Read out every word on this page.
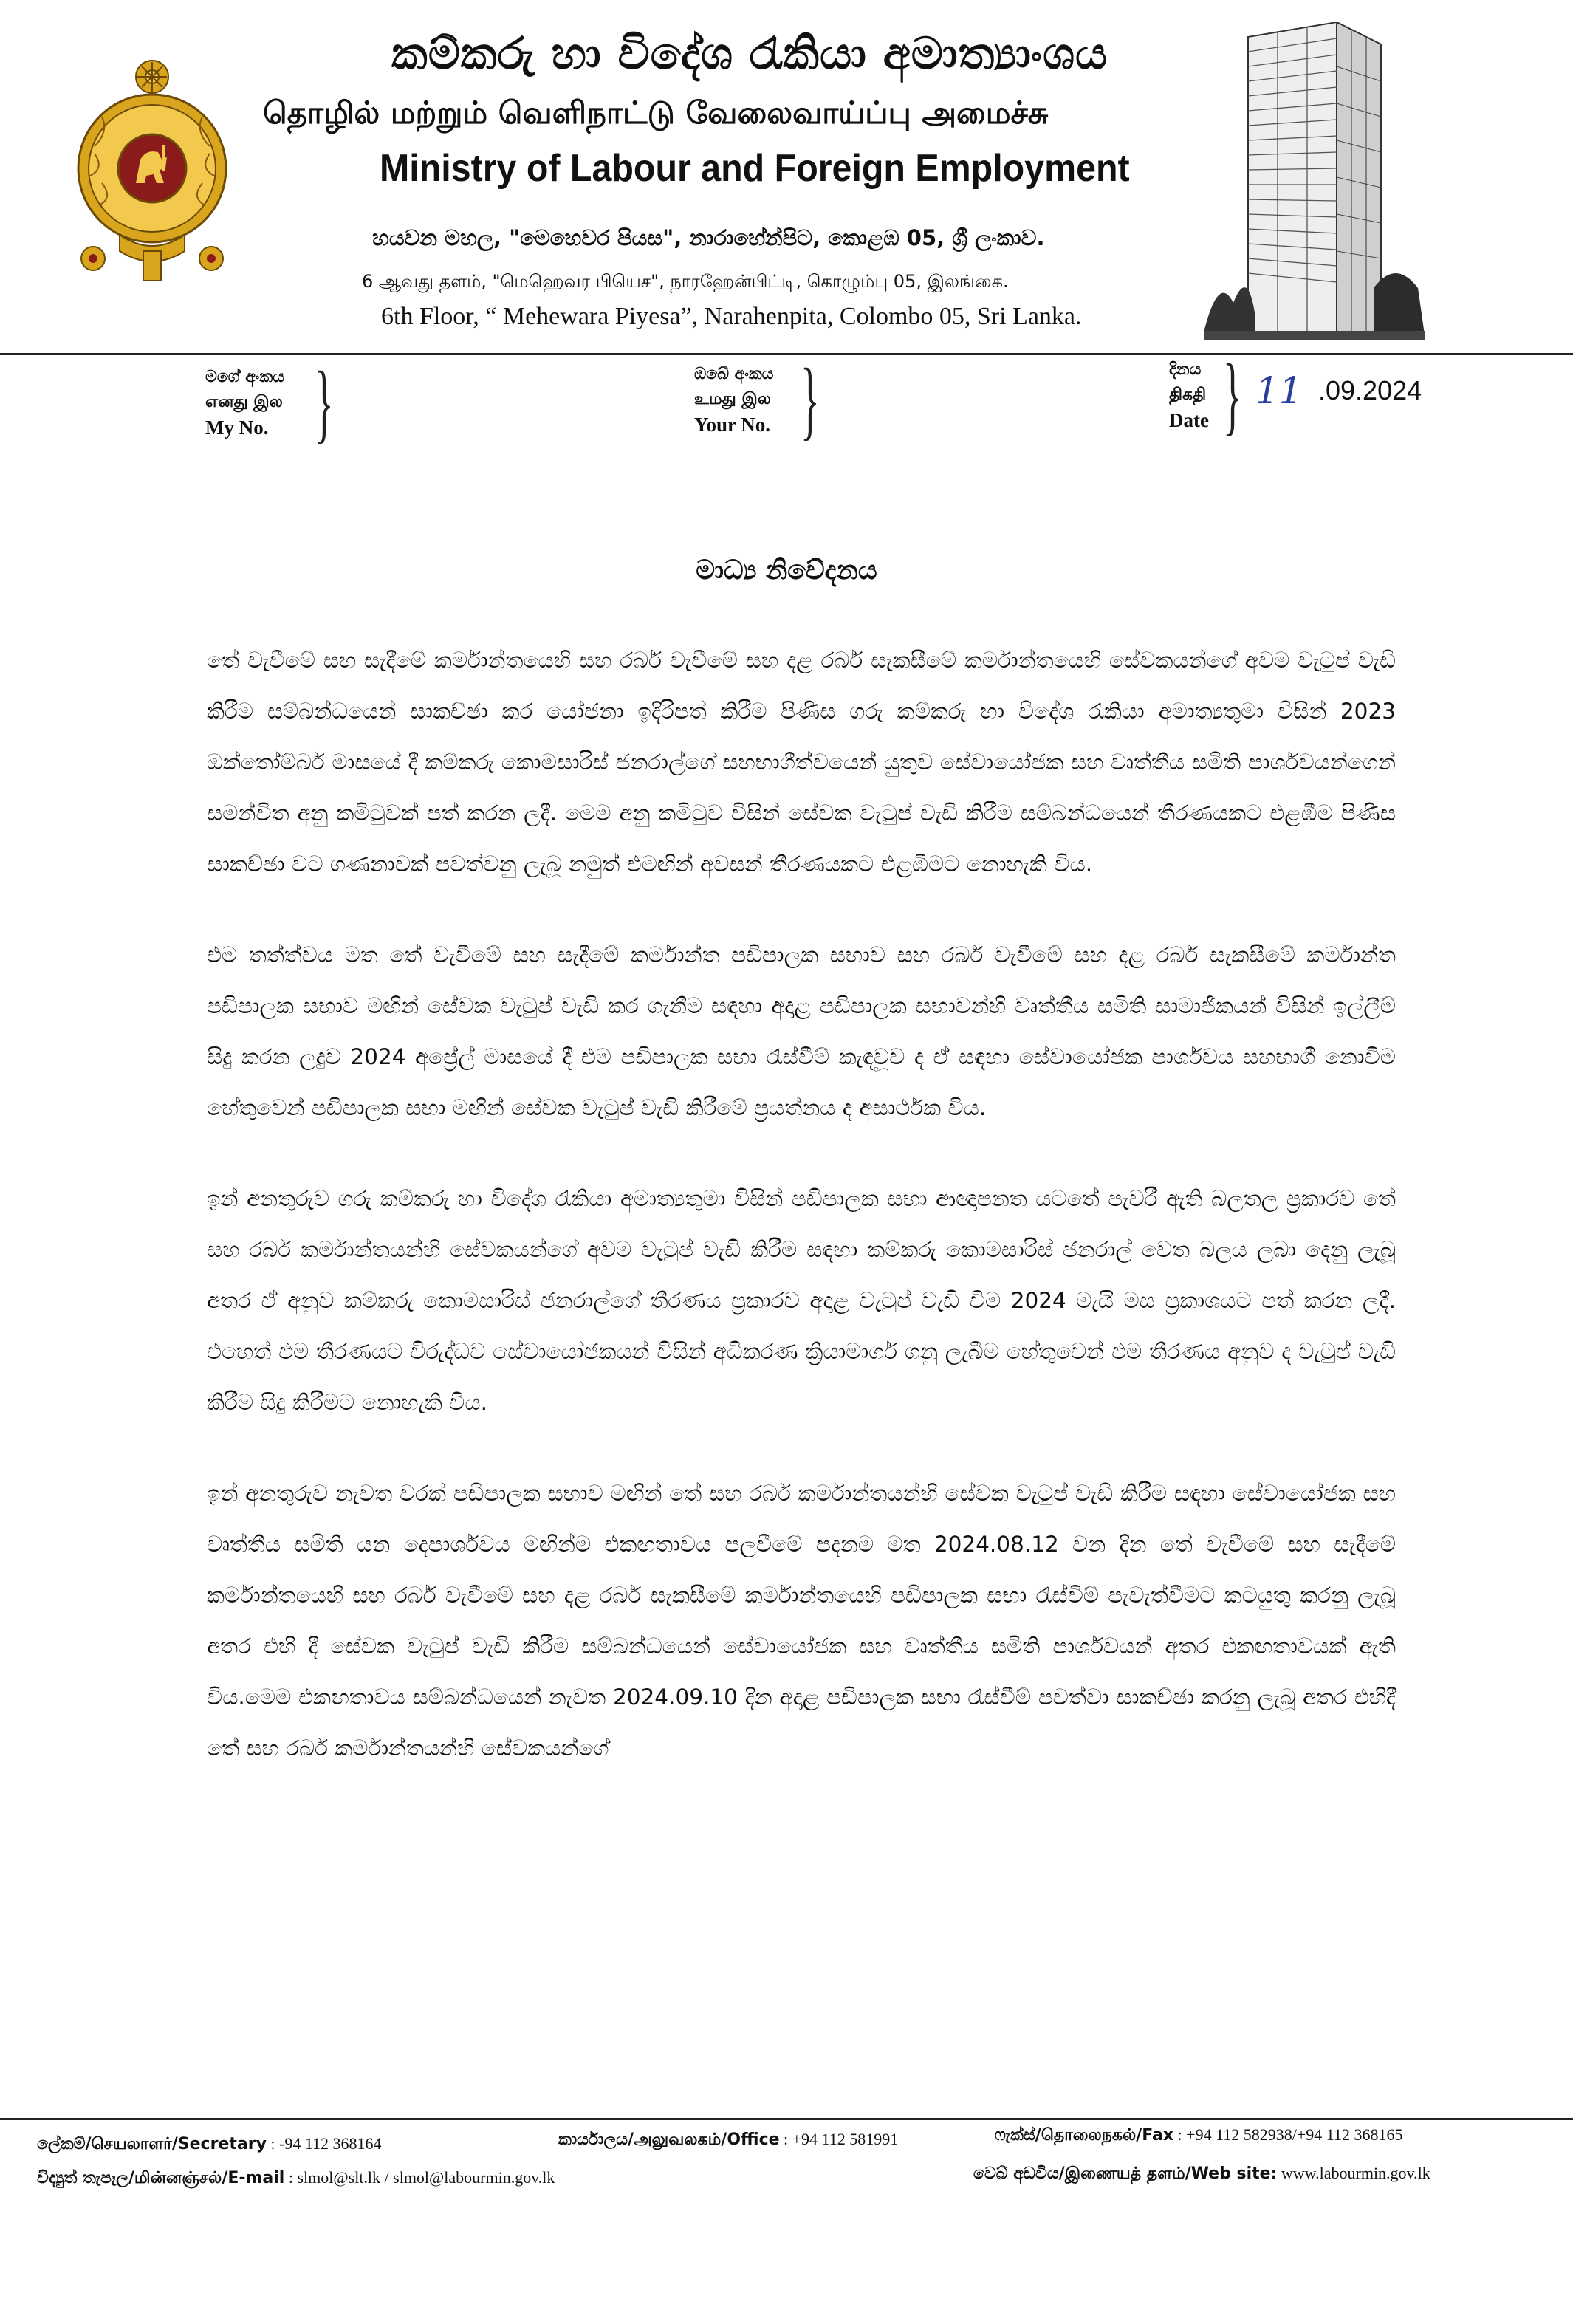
කම්කරු හා විදේශ රැකියා අමාත්‍යාංශය
தொழில் மற்றும் வெளிநாட்டு வேலைவாய்ப்பு அமைச்சு
Ministry of Labour and Foreign Employment
හයවන මහල, "මෙහෙවර පියස", නාරාහේන්පිට, කොළඹ 05, ශ්‍රී ලංකාව.
6 ஆவது தளம், "மெஹெவர பியெச", நாரஹேன்பிட்டி, கொழும்பு 05, இலங்கை.
6th Floor, “ Mehewara Piyesa”, Narahenpita, Colombo 05, Sri Lanka.
මගේ අංකය
எனது இல
My No. }	ඔබේ අංකය
உமது இல
Your No. }	දිනය
திகதி
Date } 11 .09.2024
මාධ්‍ය නිවේදනය

තේ වැවීමේ සහ සැදීමේ කර්මාන්තයෙහි සහ රබර් වැවීමේ සහ දළ රබර් සැකසීමේ කර්මාන්තයෙහි සේවකයන්ගේ අවම වැටුප් වැඩි කිරීම සම්බන්ධයෙන් සාකච්ඡා කර යෝජනා ඉදිරිපත් කිරීම පිණිස ගරු කම්කරු හා විදේශ රැකියා අමාත්‍යතුමා විසින් 2023 ඔක්තෝම්බර් මාසයේ දී කම්කරු කොමසාරිස් ජනරාල්ගේ සහභාගීත්වයෙන් යුතුව සේවායෝජක සහ වෘත්තීය සමිති පාර්ශවයන්ගෙන් සමන්විත අනු කමිටුවක් පත් කරන ලදී. මෙම අනු කමිටුව විසින් සේවක වැටුප් වැඩි කිරීම සම්බන්ධයෙන් තීරණයකට එළඹීම පිණිස සාකච්ඡා වට ගණනාවක් පවත්වනු ලැබූ නමුත් එමඟින් අවසන් තීරණයකට එළඹීමට නොහැකි විය.

එම තත්ත්වය මත තේ වැවීමේ සහ සැදීමේ කර්මාන්ත පඩිපාලක සභාව සහ රබර් වැවීමේ සහ දළ රබර් සැකසීමේ කර්මාන්ත පඩිපාලක සභාව මඟින් සේවක වැටුප් වැඩි කර ගැනීම සඳහා අදාළ පඩිපාලක සභාවන්හි වෘත්තීය සමිති සාමාජිකයන් විසින් ඉල්ලීම් සිදු කරන ලදුව 2024 අප්‍රේල් මාසයේ දී එම පඩිපාලක සභා රැස්වීම් කැඳවූව ද ඒ සඳහා සේවායෝජක පාර්ශවය සහභාගී නොවීම හේතුවෙන් පඩිපාලක සභා මඟින් සේවක වැටුප් වැඩි කිරීමේ ප්‍රයත්නය ද අසාර්ථක විය.

ඉන් අනතුරුව ගරු කම්කරු හා විදේශ රැකියා අමාත්‍යතුමා විසින් පඩිපාලක සභා ආඥාපනත යටතේ පැවරී ඇති බලතල ප්‍රකාරව තේ සහ රබර් කර්මාන්තයන්හි සේවකයන්ගේ අවම වැටුප් වැඩි කිරීම සඳහා කම්කරු කොමසාරිස් ජනරාල් වෙත බලය ලබා දෙනු ලැබූ අතර ඒ අනුව කම්කරු කොමසාරිස් ජනරාල්ගේ තීරණය ප්‍රකාරව අදාළ වැටුප් වැඩි වීම 2024 මැයි මස ප්‍රකාශයට පත් කරන ලදී. එහෙත් එම තීරණයට විරුද්ධව සේවායෝජකයන් විසින් අධිකරණ ක්‍රියාමාර්ග ගනු ලැබීම හේතුවෙන් එම තීරණය අනුව ද වැටුප් වැඩි කිරීම සිදු කිරීමට නොහැකි විය.

ඉන් අනතුරුව නැවත වරක් පඩිපාලක සභාව මඟින් තේ සහ රබර් කර්මාන්තයන්හි සේවක වැටුප් වැඩි කිරීම සඳහා සේවායෝජක සහ වෘත්තීය සමිති යන දෙපාර්ශවය මඟින්ම එකඟතාවය පලවීමේ පදනම මත 2024.08.12 වන දින තේ වැවීමේ සහ සැදීමේ කර්මාන්තයෙහි සහ රබර් වැවීමේ සහ දළ රබර් සැකසීමේ කර්මාන්තයෙහි පඩිපාලක සභා රැස්වීම් පැවැත්වීමට කටයුතු කරනු ලැබූ අතර එහි දී සේවක වැටුප් වැඩි කිරීම සම්බන්ධයෙන් සේවායෝජක සහ වෘත්තීය සමිති පාර්ශවයන් අතර එකඟතාවයක් ඇති විය.මෙම එකඟතාවය සම්බන්ධයෙන් නැවත 2024.09.10 දින අදාළ පඩිපාලක සභා රැස්වීම් පවත්වා සාකච්ඡා කරනු ලැබූ අතර එහිදී තේ සහ රබර් කර්මාන්තයන්හි සේවකයන්ගේ

ලේකම්/செயலாளர்/Secretary : -94 112 368164	කාර්යාලය/அலுவலகம்/Office : +94 112 581991	ෆැක්ස්/தொலைநகல்/Fax : +94 112 582938/+94 112 368165
විද්‍යුත් තැපෑල/மின்னஞ்சல்/E-mail : slmol@slt.lk / slmol@labourmin.gov.lk	වෙබ් අඩවිය/இணையத் தளம்/Web site: www.labourmin.gov.lk
